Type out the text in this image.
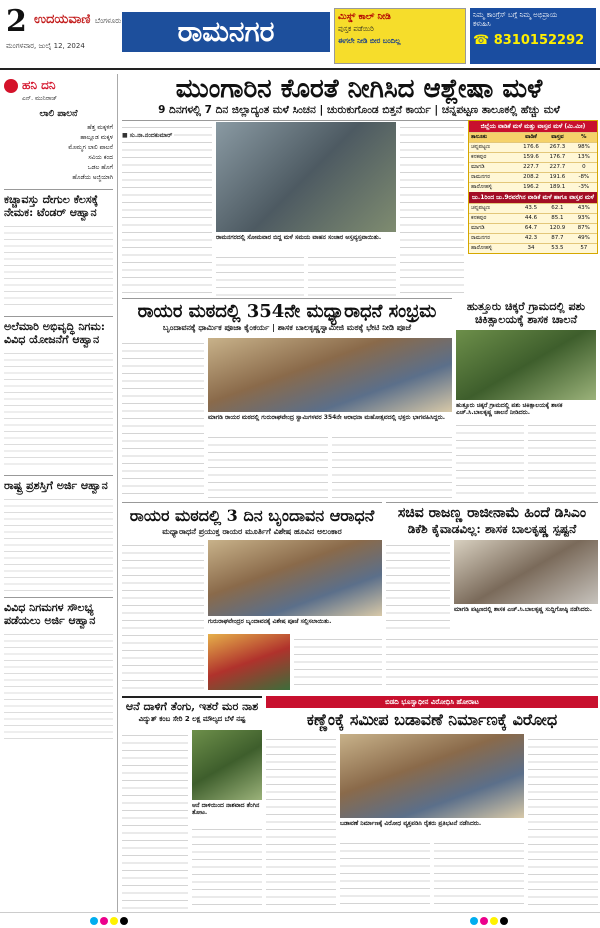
2 ಉದಯವಾಣಿ ಬೆಂಗಳೂರು
ಮಂಗಳವಾರ, ಜುಲೈ 12, 2024	ರಾಮನಗರ	ಮಿಸ್ಡ್ ಕಾಲ್ ನೀಡಿ
ಪುಸ್ತಕ ಪಡೆಯಿರಿ
ಈಗಲೇ ನೀಡಿ ಬೀರ ಬಂದಿಲ್ಲ
ನಿಮ್ಮ ಕಾಂಗ್ರೆಸ್ ಬಗ್ಗೆ ನಿಮ್ಮ ಅಭಿಪ್ರಾಯ
ಕಳುಹಿಸಿ
☎ 8310152292
ಹನಿ ದನಿ
ಎನ್. ಮುನಿರಾಜ್
ಲಾಲಿ ಪಾಲನೆ
ಹೆತ್ತ ಮಕ್ಕಳಿಗೆ
ಹಾಲ್ಲೂಡ ಮಕ್ಕಳ
ಮೊಮ್ಮಗ ಲಾಲಿ ಪಾಲನೆ
ಸವಿಯ ಕಂದ
ಒಡಲ ಹೊಗೆ
ಹೊಡೆಯ ಅಜ್ಜಿಯಾಗಿ
ಕಚ್ಚಾವಸ್ತು ದೇಗುಲ ಕೆಲಸಕ್ಕೆ ನೇಮಕ: ಟೆಂಡರ್ ಆಹ್ವಾನ
ಅಲೆಮಾರಿ ಅಭಿವೃದ್ಧಿ ನಿಗಮ: ವಿವಿಧ ಯೋಜನೆಗೆ ಆಹ್ವಾನ
ರಾಷ್ಟ್ರ ಪ್ರಶಸ್ತಿಗೆ ಅರ್ಜಿ ಆಹ್ವಾನ
ವಿವಿಧ ನಿಗಮಗಳ ಸೌಲಭ್ಯ ಪಡೆಯಲು ಅರ್ಜಿ ಆಹ್ವಾನ
ಮುಂಗಾರಿನ ಕೊರತೆ ನೀಗಿಸಿದ ಆಶ್ಲೇಷಾ ಮಳೆ
9 ದಿನಗಳಲ್ಲಿ 7 ದಿನ ಜಿಲ್ಲಾದ್ಯಂತ ಮಳೆ ಸಿಂಚನ | ಚುರುಕುಗೊಂಡ ಬಿತ್ತನೆ ಕಾರ್ಯ | ಚನ್ನಪಟ್ಟಣ ತಾಲೂಕಲ್ಲಿ ಹೆಚ್ಚು ಮಳೆ
■ ಸು.ನಾ.ನಂದಕುಮಾರ್
ರಾಮನಗರದಲ್ಲಿ ಸೋಮವಾರ ಬಿದ್ದ ಮಳೆ ಸಮಯ ವಾಹನ ಸಂಚಾರ ಅಸ್ತವ್ಯಸ್ತವಾಯಿತು.
ಜಿಲ್ಲೆಯ ವಾಡಿಕೆ ಮಳೆ ಮತ್ತು ವಾಸ್ತವ ಮಳೆ (ಮಿ.ಮೀ)
ತಾಲೂಕು	ವಾಡಿಕೆ	ವಾಸ್ತವ	%
ಚನ್ನಪಟ್ಟಣ	176.6	267.3	98%
ಕನಕಪುರ	159.6	176.7	13%
ಮಾಗಡಿ	227.7	227.7	0
ರಾಮನಗರ	208.2	191.6	-8%
ಹಾರೋಹಳ್ಳಿ	196.2	189.1	-3%
ಜು.1ರಿಂದ ಜು.9ರವರೆಗಿನ ವಾಡಿಕೆ ಮಳೆ ಹಾಗೂ ವಾಸ್ತವ ಮಳೆ
ಚನ್ನಪಟ್ಟಣ	43.5	62.1	43%
ಕನಕಪುರ	44.6	85.1	93%
ಮಾಗಡಿ	64.7	120.9	87%
ರಾಮನಗರ	42.3	87.7	49%
ಹಾರೋಹಳ್ಳಿ	34	53.5	57
ರಾಯರ ಮಠದಲ್ಲಿ 354ನೇ ಮಧ್ಯಾರಾಧನೆ ಸಂಭ್ರಮ
ಬೃಂದಾವನಕ್ಕೆ ಧಾರ್ಮಿಕ ಪೂಜಾ ಕೈಂಕರ್ಯ | ಶಾಸಕ ಬಾಲಕೃಷ್ಣಸ್ವಾಮೀಜಿ ಮಠಕ್ಕೆ ಭೇಟಿ ನೀಡಿ ಪೂಜೆ
ಮಾಗಡಿ ರಾಯರ ಮಠದಲ್ಲಿ ಗುರುರಾಘವೇಂದ್ರ ಸ್ವಾಮಿಗಳವರ 354ನೇ ಆರಾಧನಾ ಮಹೋತ್ಸವದಲ್ಲಿ ಭಕ್ತರು ಭಾಗವಹಿಸಿದ್ದರು.
ಹುತ್ತೂರು ಚಿಕ್ಕರೆ ಗ್ರಾಮದಲ್ಲಿ ಪಶು ಚಿಕಿತ್ಸಾಲಯಕ್ಕೆ ಶಾಸಕ ಚಾಲನೆ
ಹುತ್ತೂರು ಚಿಕ್ಕರೆ ಗ್ರಾಮದಲ್ಲಿ ಪಶು ಚಿಕಿತ್ಸಾಲಯಕ್ಕೆ ಶಾಸಕ ಎಚ್.ಸಿ.ಬಾಲಕೃಷ್ಣ ಚಾಲನೆ ನೀಡಿದರು.
ರಾಯರ ಮಠದಲ್ಲಿ 3 ದಿನ ಬೃಂದಾವನ ಆರಾಧನೆ
ಮಧ್ಯಾರಾಧನೆ ಪ್ರಯುಕ್ತ ರಾಯರ ಮೂರ್ತಿಗೆ ವಿಶೇಷ ಹೂವಿನ ಅಲಂಕಾರ
ಗುರುರಾಘವೇಂದ್ರರ ಬೃಂದಾವನಕ್ಕೆ ವಿಶೇಷ ಪೂಜೆ ಸಲ್ಲಿಸಲಾಯಿತು.
ಸಚಿವ ರಾಜಣ್ಣ ರಾಜೀನಾಮೆ ಹಿಂದೆ ಡಿಸಿಎಂ
ಡಿಕೆಶಿ ಕೈವಾಡವಿಲ್ಲ: ಶಾಸಕ ಬಾಲಕೃಷ್ಣ ಸ್ಪಷ್ಟನೆ
ಮಾಗಡಿ ಪಟ್ಟಣದಲ್ಲಿ ಶಾಸಕ ಎಚ್.ಸಿ.ಬಾಲಕೃಷ್ಣ ಸುದ್ದಿಗೋಷ್ಠಿ ನಡೆಸಿದರು.
ಆನೆ ದಾಳಿಗೆ ತೆಂಗು, ಇತರೆ ಮರ ನಾಶ
ವಿದ್ಯುತ್ ಕಂಬ ಸೇರಿ 2 ಲಕ್ಷ ಮೌಲ್ಯದ ಬೆಳೆ ನಷ್ಟ
ಆನೆ ದಾಳಿಯಿಂದ ನಾಶವಾದ ತೆಂಗಿನ ತೋಟ.
ಬಿಡದಿ ಭೂಸ್ವಾಧೀನ ವಿರೋಧಿಸಿ ಹೋರಾಟ
ಕಣ್ಣೆಂಕ್ಕೆ ಸಮೀಪ ಬಡಾವಣೆ ನಿರ್ಮಾಣಕ್ಕೆ ವಿರೋಧ
ಬಡಾವಣೆ ನಿರ್ಮಾಣಕ್ಕೆ ವಿರೋಧ ವ್ಯಕ್ತಪಡಿಸಿ ರೈತರು ಪ್ರತಿಭಟನೆ ನಡೆಸಿದರು.
